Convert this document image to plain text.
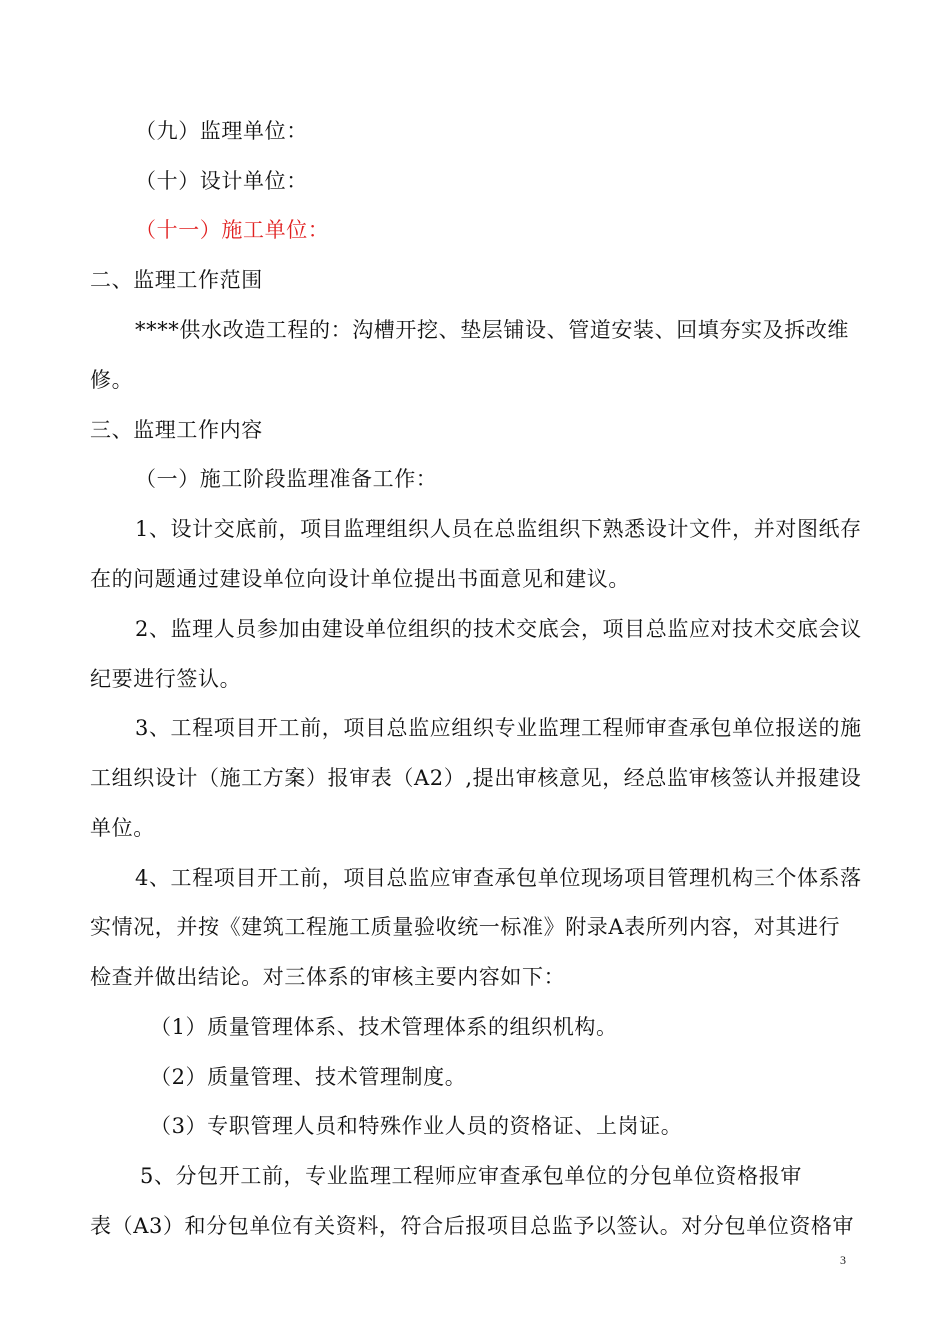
（九）监理单位：
（十）设计单位：
（十一）施工单位：
二、监理工作范围
****供水改造工程的：沟槽开挖、垫层铺设、管道安装、回填夯实及拆改维
修。
三、监理工作内容
（一）施工阶段监理准备工作：
1、设计交底前，项目监理组织人员在总监组织下熟悉设计文件，并对图纸存
在的问题通过建设单位向设计单位提出书面意见和建议。
2、监理人员参加由建设单位组织的技术交底会，项目总监应对技术交底会议
纪要进行签认。
3、工程项目开工前，项目总监应组织专业监理工程师审查承包单位报送的施
工组织设计（施工方案）报审表（A2）,提出审核意见，经总监审核签认并报建设
单位。
4、工程项目开工前，项目总监应审查承包单位现场项目管理机构三个体系落
实情况，并按《建筑工程施工质量验收统一标准》附录A表所列内容，对其进行
检查并做出结论。对三体系的审核主要内容如下：
（1）质量管理体系、技术管理体系的组织机构。
（2）质量管理、技术管理制度。
（3）专职管理人员和特殊作业人员的资格证、上岗证。
5、分包开工前，专业监理工程师应审查承包单位的分包单位资格报审
表（A3）和分包单位有关资料，符合后报项目总监予以签认。对分包单位资格审
3
